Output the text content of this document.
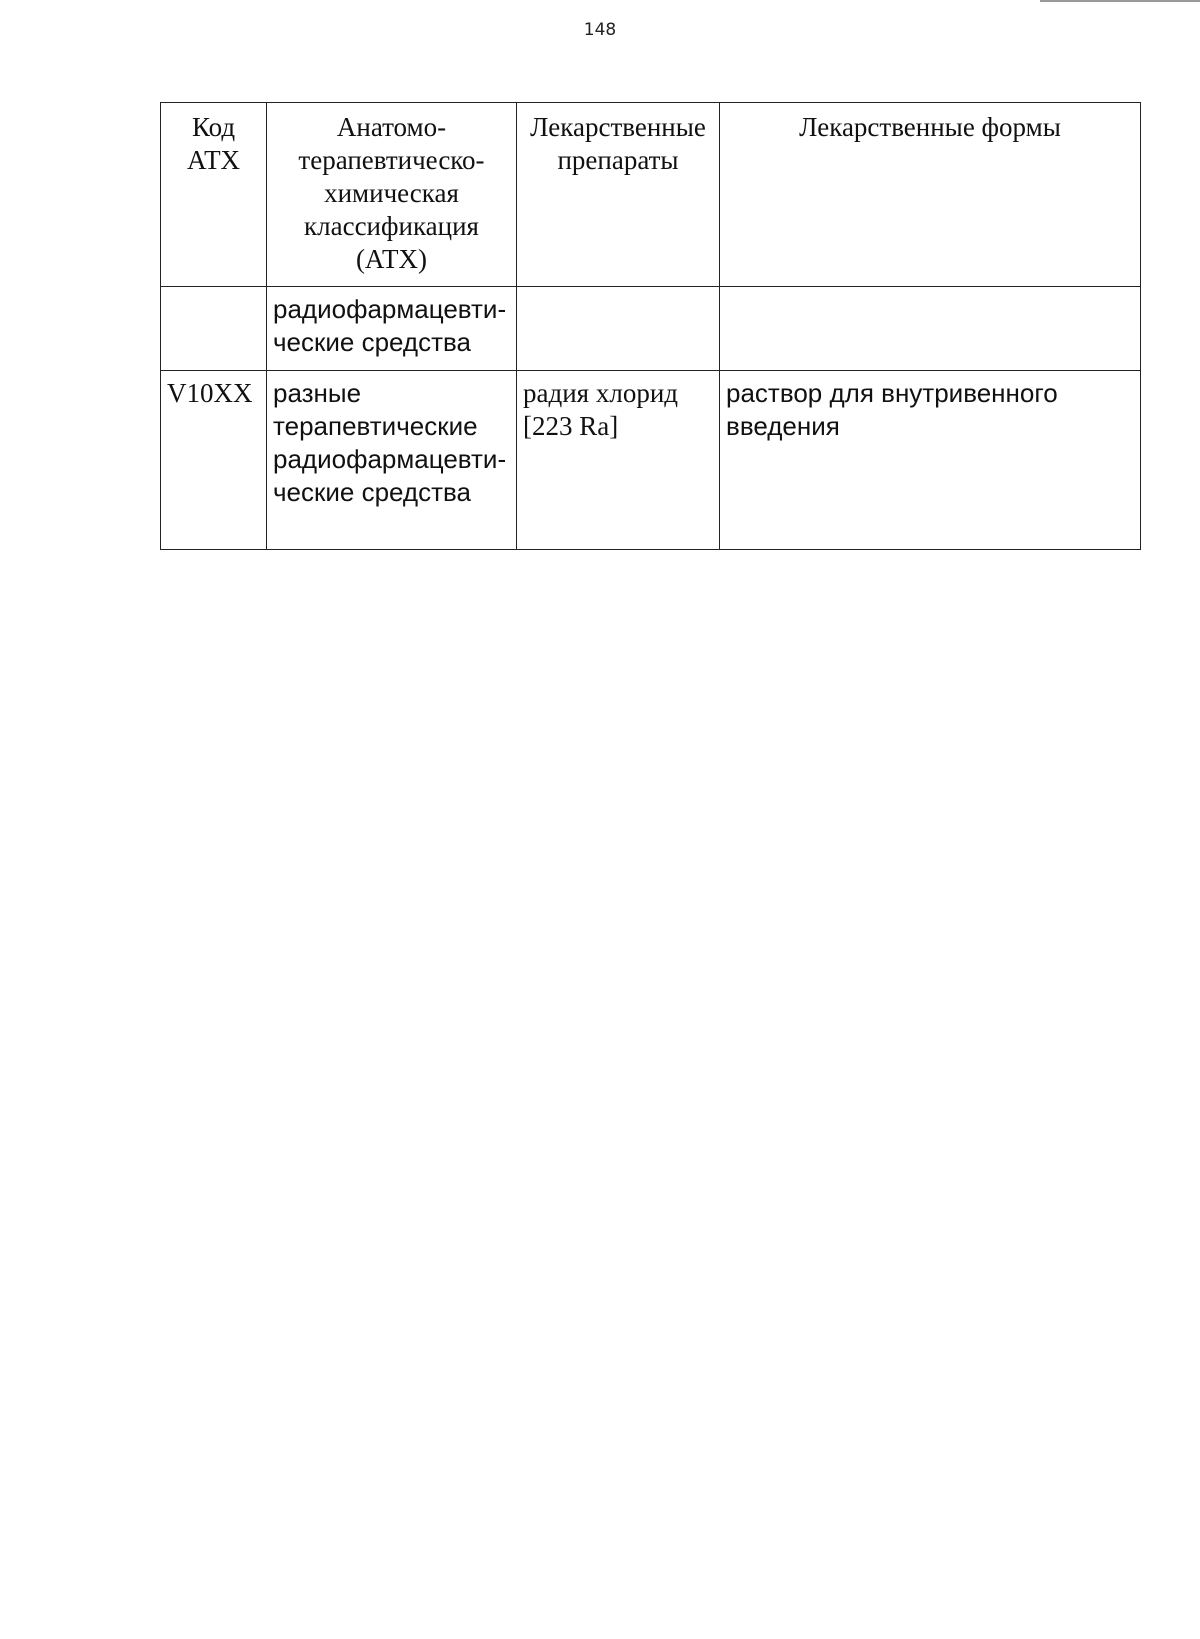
148
Код АТХ	Анатомо-терапевтическо-химическая классификация (АТХ)	Лекарственные препараты	Лекарственные формы
	радиофармацевти-ческие средства		
V10XX	разные терапевтические радиофармацевти-ческие средства	радия хлорид [223 Ra]	раствор для внутривенного введения
